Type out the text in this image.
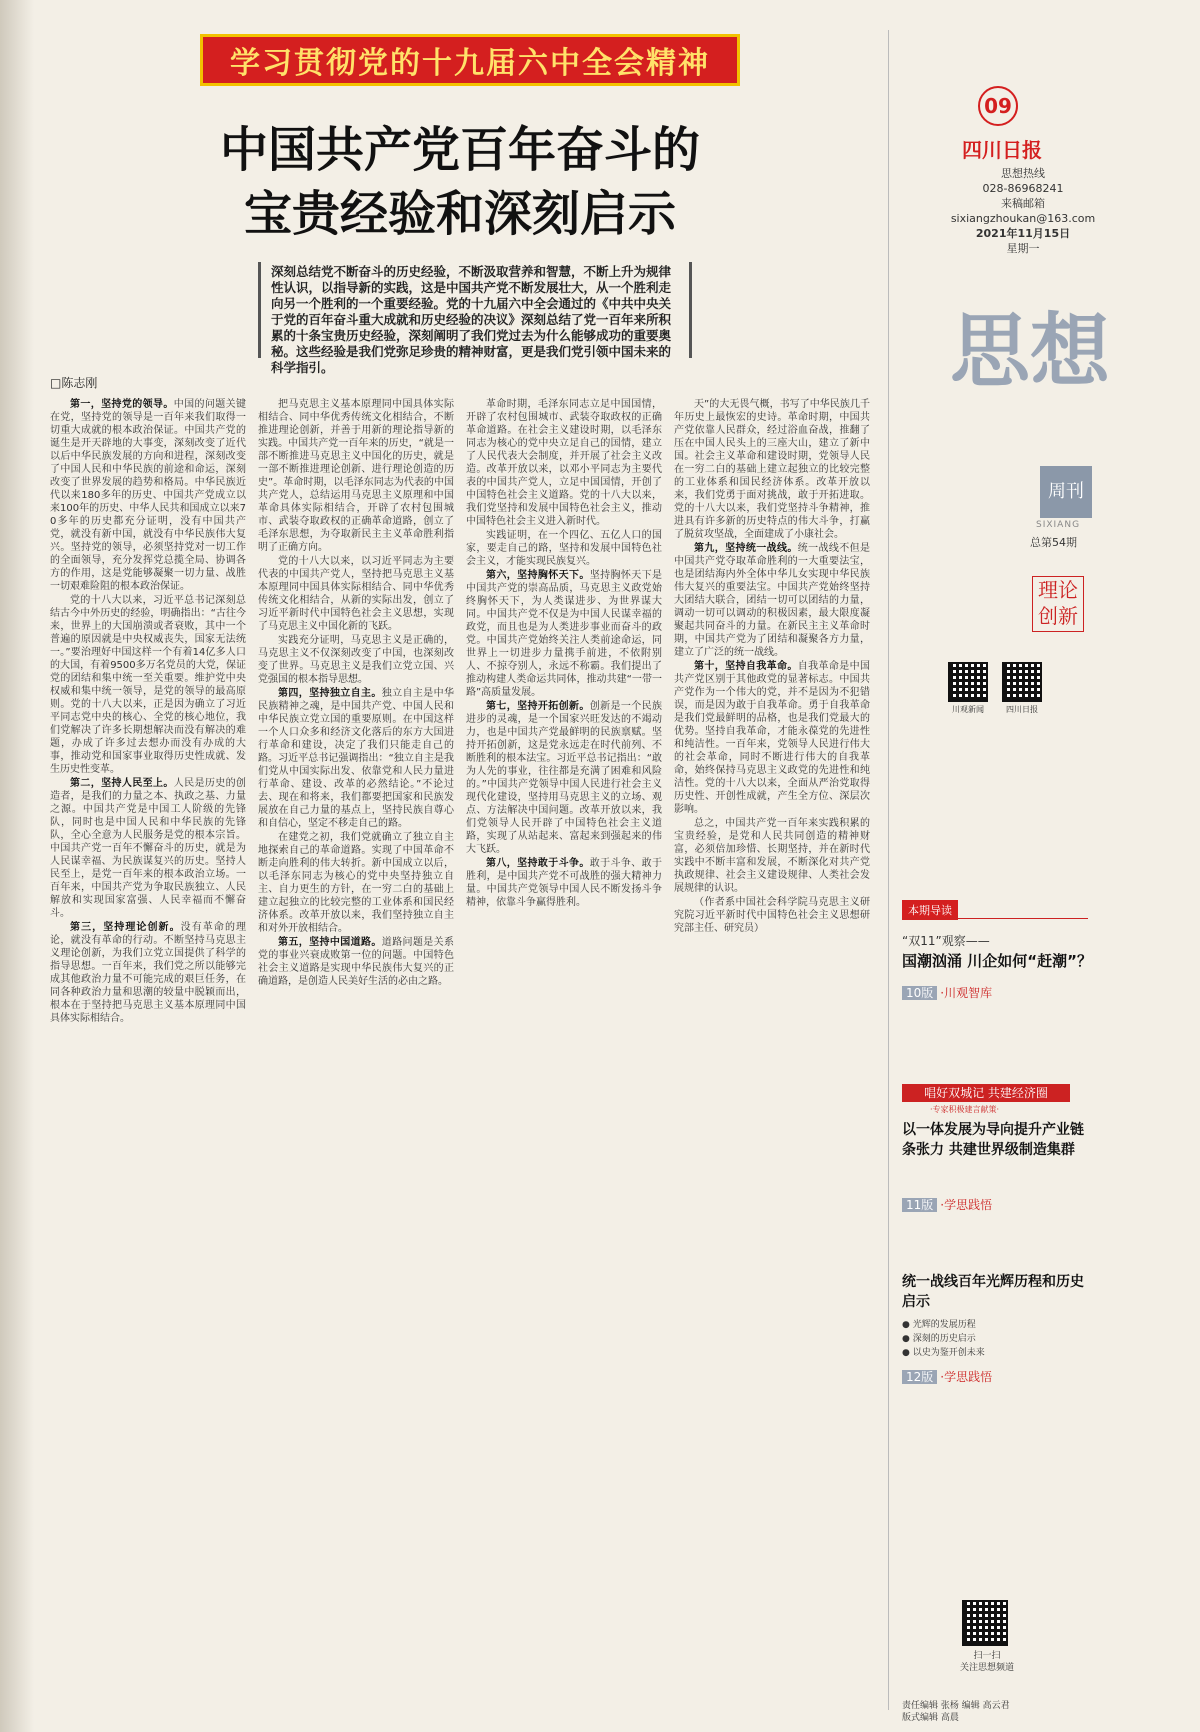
学习贯彻党的十九届六中全会精神
中国共产党百年奋斗的
宝贵经验和深刻启示
深刻总结党不断奋斗的历史经验，不断汲取营养和智慧，不断上升为规律性认识，以指导新的实践，这是中国共产党不断发展壮大，从一个胜利走向另一个胜利的一个重要经验。党的十九届六中全会通过的《中共中央关于党的百年奋斗重大成就和历史经验的决议》深刻总结了党一百年来所积累的十条宝贵历史经验，深刻阐明了我们党过去为什么能够成功的重要奥秘。这些经验是我们党弥足珍贵的精神财富，更是我们党引领中国未来的科学指引。
□陈志刚

第一，坚持党的领导。中国的问题关键在党，坚持党的领导是一百年来我们取得一切重大成就的根本政治保证。中国共产党的诞生是开天辟地的大事变，深刻改变了近代以后中华民族发展的方向和进程，深刻改变了中国人民和中华民族的前途和命运，深刻改变了世界发展的趋势和格局。中华民族近代以来180多年的历史、中国共产党成立以来100年的历史、中华人民共和国成立以来70多年的历史都充分证明，没有中国共产党，就没有新中国，就没有中华民族伟大复兴。坚持党的领导，必须坚持党对一切工作的全面领导，充分发挥党总揽全局、协调各方的作用，这是党能够凝聚一切力量、战胜一切艰难险阻的根本政治保证。

党的十八大以来，习近平总书记深刻总结古今中外历史的经验，明确指出：“古往今来，世界上的大国崩溃或者衰败，其中一个普遍的原因就是中央权威丧失，国家无法统一。”要治理好中国这样一个有着14亿多人口的大国，有着9500多万名党员的大党，保证党的团结和集中统一至关重要。维护党中央权威和集中统一领导，是党的领导的最高原则。党的十八大以来，正是因为确立了习近平同志党中央的核心、全党的核心地位，我们党解决了许多长期想解决而没有解决的难题，办成了许多过去想办而没有办成的大事，推动党和国家事业取得历史性成就、发生历史性变革。

第二，坚持人民至上。人民是历史的创造者，是我们的力量之本、执政之基、力量之源。中国共产党是中国工人阶级的先锋队，同时也是中国人民和中华民族的先锋队，全心全意为人民服务是党的根本宗旨。中国共产党一百年不懈奋斗的历史，就是为人民谋幸福、为民族谋复兴的历史。坚持人民至上，是党一百年来的根本政治立场。一百年来，中国共产党为争取民族独立、人民解放和实现国家富强、人民幸福而不懈奋斗。

第三，坚持理论创新。没有革命的理论，就没有革命的行动。不断坚持马克思主义理论创新，为我们立党立国提供了科学的指导思想。一百年来，我们党之所以能够完成其他政治力量不可能完成的艰巨任务，在同各种政治力量和思潮的较量中脱颖而出，根本在于坚持把马克思主义基本原理同中国具体实际相结合。

把马克思主义基本原理同中国具体实际相结合、同中华优秀传统文化相结合，不断推进理论创新，并善于用新的理论指导新的实践。中国共产党一百年来的历史，“就是一部不断推进马克思主义中国化的历史，就是一部不断推进理论创新、进行理论创造的历史”。革命时期，以毛泽东同志为代表的中国共产党人，总结运用马克思主义原理和中国革命具体实际相结合，开辟了农村包围城市、武装夺取政权的正确革命道路，创立了毛泽东思想，为夺取新民主主义革命胜利指明了正确方向。

党的十八大以来，以习近平同志为主要代表的中国共产党人，坚持把马克思主义基本原理同中国具体实际相结合、同中华优秀传统文化相结合，从新的实际出发，创立了习近平新时代中国特色社会主义思想，实现了马克思主义中国化新的飞跃。

实践充分证明，马克思主义是正确的，马克思主义不仅深刻改变了中国，也深刻改变了世界。马克思主义是我们立党立国、兴党强国的根本指导思想。

第四，坚持独立自主。独立自主是中华民族精神之魂，是中国共产党、中国人民和中华民族立党立国的重要原则。在中国这样一个人口众多和经济文化落后的东方大国进行革命和建设，决定了我们只能走自己的路。习近平总书记强调指出：“独立自主是我们党从中国实际出发、依靠党和人民力量进行革命、建设、改革的必然结论。”不论过去、现在和将来，我们都要把国家和民族发展放在自己力量的基点上，坚持民族自尊心和自信心，坚定不移走自己的路。

在建党之初，我们党就确立了独立自主地探索自己的革命道路。实现了中国革命不断走向胜利的伟大转折。新中国成立以后，以毛泽东同志为核心的党中央坚持独立自主、自力更生的方针，在一穷二白的基础上建立起独立的比较完整的工业体系和国民经济体系。改革开放以来，我们坚持独立自主和对外开放相结合。

第五，坚持中国道路。道路问题是关系党的事业兴衰成败第一位的问题。中国特色社会主义道路是实现中华民族伟大复兴的正确道路，是创造人民美好生活的必由之路。

革命时期，毛泽东同志立足中国国情，开辟了农村包围城市、武装夺取政权的正确革命道路。在社会主义建设时期，以毛泽东同志为核心的党中央立足自己的国情，建立了人民代表大会制度，并开展了社会主义改造。改革开放以来，以邓小平同志为主要代表的中国共产党人，立足中国国情，开创了中国特色社会主义道路。党的十八大以来，我们党坚持和发展中国特色社会主义，推动中国特色社会主义进入新时代。

实践证明，在一个四亿、五亿人口的国家，要走自己的路，坚持和发展中国特色社会主义，才能实现民族复兴。

第六，坚持胸怀天下。坚持胸怀天下是中国共产党的崇高品质，马克思主义政党始终胸怀天下，为人类谋进步、为世界谋大同。中国共产党不仅是为中国人民谋幸福的政党，而且也是为人类进步事业而奋斗的政党。中国共产党始终关注人类前途命运，同世界上一切进步力量携手前进，不依附别人、不掠夺别人，永远不称霸。我们提出了推动构建人类命运共同体，推动共建“一带一路”高质量发展。

第七，坚持开拓创新。创新是一个民族进步的灵魂，是一个国家兴旺发达的不竭动力，也是中国共产党最鲜明的民族禀赋。坚持开拓创新，这是党永远走在时代前列、不断胜利的根本法宝。习近平总书记指出：“敢为人先的事业，往往都是充满了困难和风险的。”中国共产党领导中国人民进行社会主义现代化建设，坚持用马克思主义的立场、观点、方法解决中国问题。改革开放以来，我们党领导人民开辟了中国特色社会主义道路，实现了从站起来、富起来到强起来的伟大飞跃。

第八，坚持敢于斗争。敢于斗争、敢于胜利，是中国共产党不可战胜的强大精神力量。中国共产党领导中国人民不断发扬斗争精神，依靠斗争赢得胜利。

天”的大无畏气概，书写了中华民族几千年历史上最恢宏的史诗。革命时期，中国共产党依靠人民群众，经过浴血奋战，推翻了压在中国人民头上的三座大山，建立了新中国。社会主义革命和建设时期，党领导人民在一穷二白的基础上建立起独立的比较完整的工业体系和国民经济体系。改革开放以来，我们党勇于面对挑战，敢于开拓进取。党的十八大以来，我们党坚持斗争精神，推进具有许多新的历史特点的伟大斗争，打赢了脱贫攻坚战，全面建成了小康社会。

第九，坚持统一战线。统一战线不但是中国共产党夺取革命胜利的一大重要法宝，也是团结海内外全体中华儿女实现中华民族伟大复兴的重要法宝。中国共产党始终坚持大团结大联合，团结一切可以团结的力量，调动一切可以调动的积极因素，最大限度凝聚起共同奋斗的力量。在新民主主义革命时期，中国共产党为了团结和凝聚各方力量，建立了广泛的统一战线。

第十，坚持自我革命。自我革命是中国共产党区别于其他政党的显著标志。中国共产党作为一个伟大的党，并不是因为不犯错误，而是因为敢于自我革命。勇于自我革命是我们党最鲜明的品格，也是我们党最大的优势。坚持自我革命，才能永葆党的先进性和纯洁性。一百年来，党领导人民进行伟大的社会革命，同时不断进行伟大的自我革命，始终保持马克思主义政党的先进性和纯洁性。党的十八大以来，全面从严治党取得历史性、开创性成就，产生全方位、深层次影响。

总之，中国共产党一百年来实践积累的宝贵经验，是党和人民共同创造的精神财富，必须倍加珍惜、长期坚持，并在新时代实践中不断丰富和发展，不断深化对共产党执政规律、社会主义建设规律、人类社会发展规律的认识。

（作者系中国社会科学院马克思主义研究院习近平新时代中国特色社会主义思想研究部主任、研究员）

09
四川日报
思想热线
028-86968241
来稿邮箱
sixiangzhoukan@163.com
2021年11月15日
星期一
思想
周刊
SIXIANG
总第54期
理论创新
川观新闻	四川日报
本期导读
“双11”观察——
国潮汹涌 川企如何“赶潮”？
10版 ·川观智库
唱好双城记 共建经济圈
·专家积极建言献策·
以一体发展为导向提升产业链条张力 共建世界级制造集群
11版 ·学思践悟
统一战线百年光辉历程和历史启示
● 光辉的发展历程
● 深刻的历史启示
● 以史为鉴开创未来
12版 ·学思践悟
扫一扫
关注思想频道
责任编辑 张杨 编辑 高云君
版式编辑 高晨
